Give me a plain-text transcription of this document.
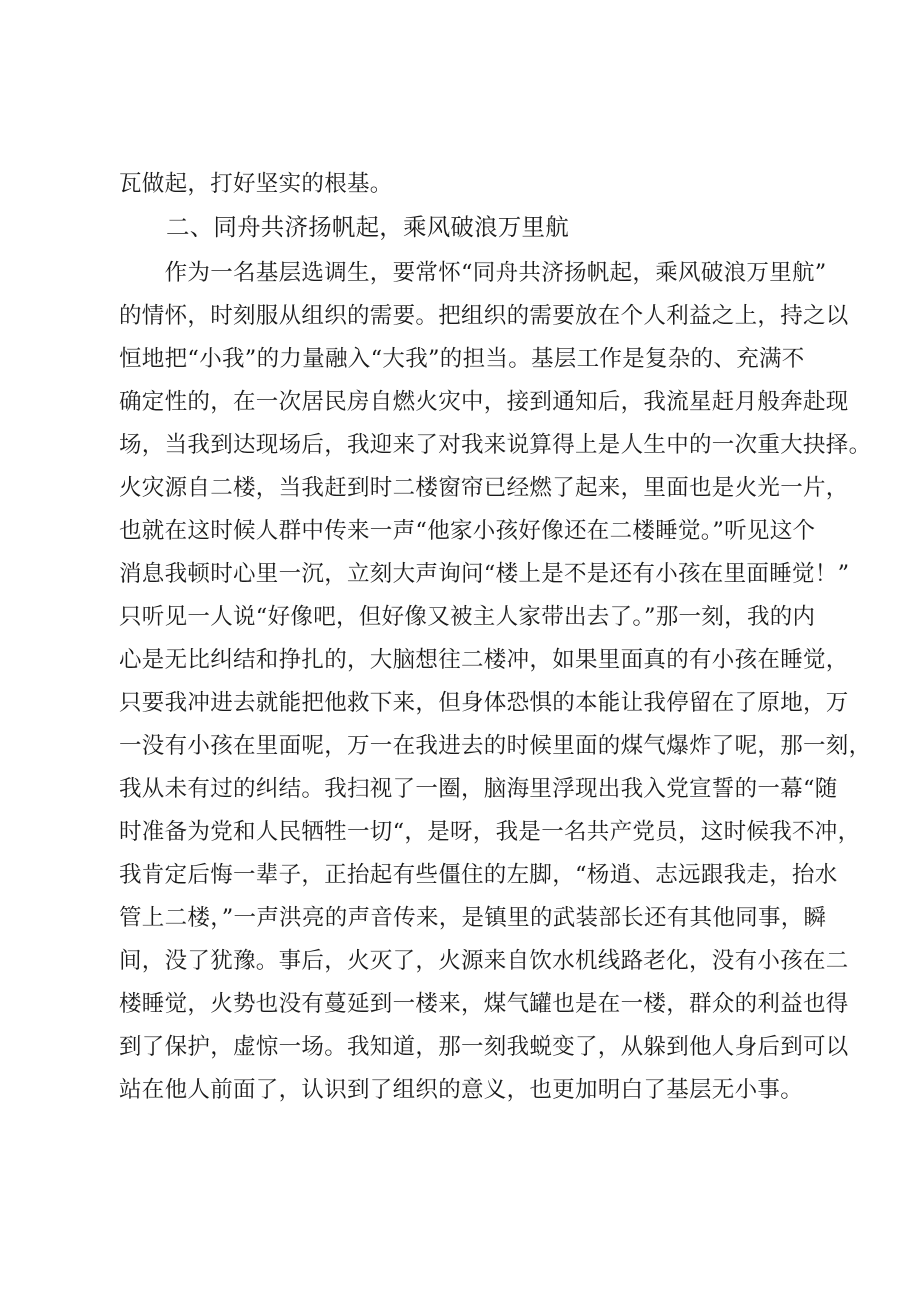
瓦做起，打好坚实的根基。
二、同舟共济扬帆起，乘风破浪万里航
　　作为一名基层选调生，要常怀“同舟共济扬帆起，乘风破浪万里航”
的情怀，时刻服从组织的需要。把组织的需要放在个人利益之上，持之以
恒地把“小我”的力量融入“大我”的担当。基层工作是复杂的、充满不
确定性的，在一次居民房自燃火灾中，接到通知后，我流星赶月般奔赴现
场，当我到达现场后，我迎来了对我来说算得上是人生中的一次重大抉择。
火灾源自二楼，当我赶到时二楼窗帘已经燃了起来，里面也是火光一片，
也就在这时候人群中传来一声“他家小孩好像还在二楼睡觉。”听见这个
消息我顿时心里一沉，立刻大声询问“楼上是不是还有小孩在里面睡觉！”
只听见一人说“好像吧，但好像又被主人家带出去了。”那一刻，我的内
心是无比纠结和挣扎的，大脑想往二楼冲，如果里面真的有小孩在睡觉，
只要我冲进去就能把他救下来，但身体恐惧的本能让我停留在了原地，万
一没有小孩在里面呢，万一在我进去的时候里面的煤气爆炸了呢，那一刻，
我从未有过的纠结。我扫视了一圈，脑海里浮现出我入党宣誓的一幕“随
时准备为党和人民牺牲一切“，是呀，我是一名共产党员，这时候我不冲，
我肯定后悔一辈子，正抬起有些僵住的左脚，“杨逍、志远跟我走，抬水
管上二楼，”一声洪亮的声音传来，是镇里的武装部长还有其他同事，瞬
间，没了犹豫。事后，火灭了，火源来自饮水机线路老化，没有小孩在二
楼睡觉，火势也没有蔓延到一楼来，煤气罐也是在一楼，群众的利益也得
到了保护，虚惊一场。我知道，那一刻我蜕变了，从躲到他人身后到可以
站在他人前面了，认识到了组织的意义，也更加明白了基层无小事。
